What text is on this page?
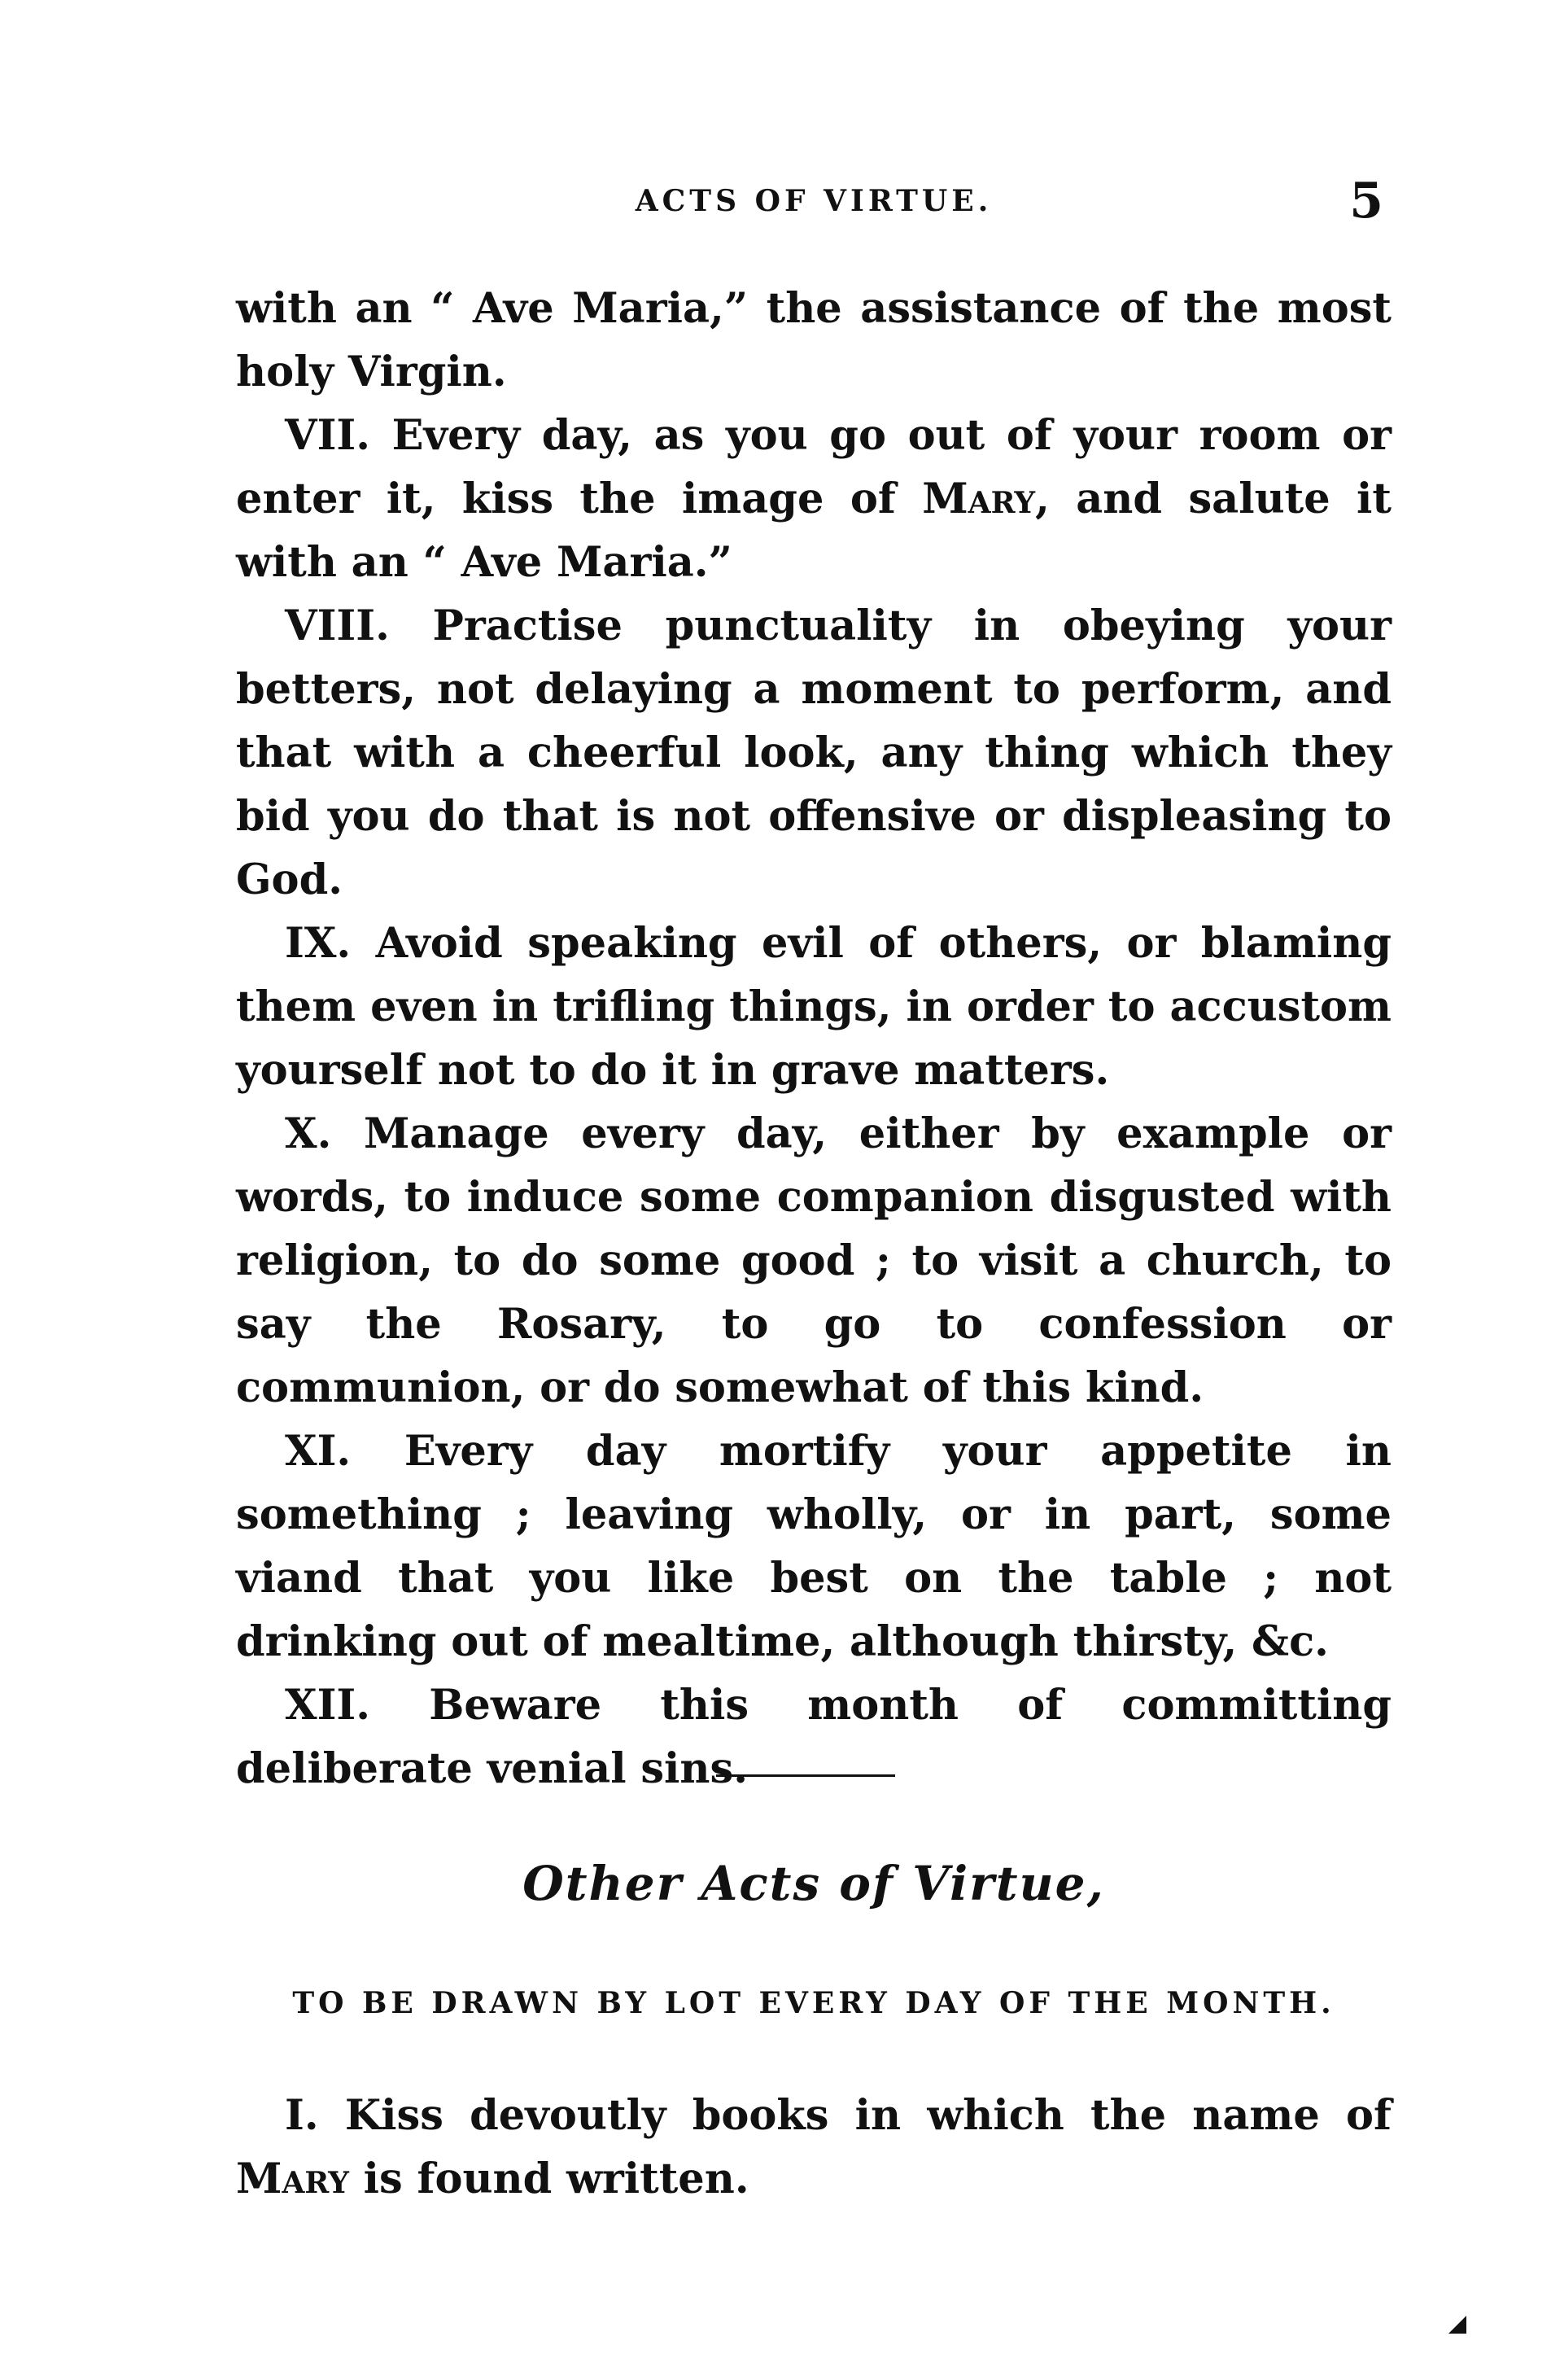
ACTS OF VIRTUE.	5

with an “ Ave Maria,” the assistance of the most holy Virgin.

VII. Every day, as you go out of your room or enter it, kiss the image of Mary, and salute it with an “ Ave Maria.”

VIII. Practise punctuality in obeying your betters, not delaying a moment to perform, and that with a cheerful look, any thing which they bid you do that is not offensive or displeasing to God.

IX. Avoid speaking evil of others, or blaming them even in trifling things, in order to accustom yourself not to do it in grave matters.

X. Manage every day, either by example or words, to induce some companion disgusted with religion, to do some good ; to visit a church, to say the Rosary, to go to confession or communion, or do somewhat of this kind.

XI. Every day mortify your appetite in something ; leaving wholly, or in part, some viand that you like best on the table ; not drinking out of mealtime, although thirsty, &c.

XII. Beware this month of committing deliberate venial sins.

Other Acts of Virtue,
TO BE DRAWN BY LOT EVERY DAY OF THE MONTH.

I. Kiss devoutly books in which the name of Mary is found written.
